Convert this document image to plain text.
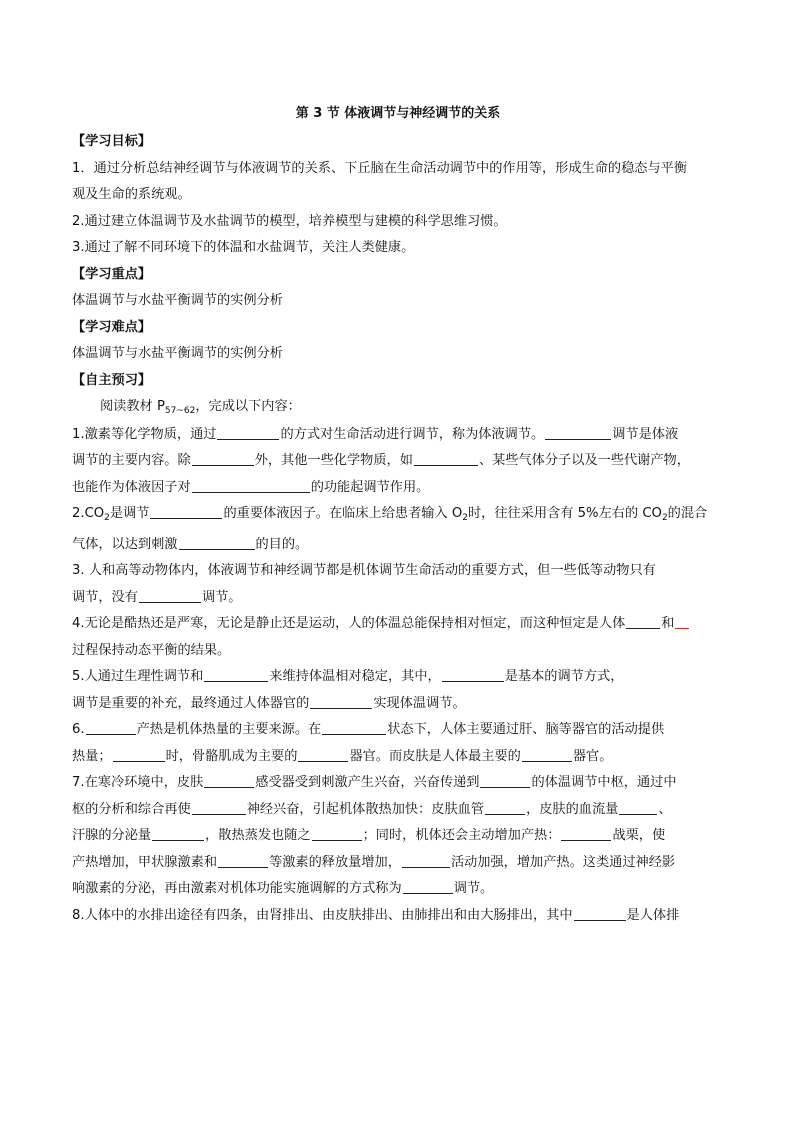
第 3 节 体液调节与神经调节的关系

【学习目标】

1．通过分析总结神经调节与体液调节的关系、下丘脑在生命活动调节中的作用等，形成生命的稳态与平衡

观及生命的系统观。

2.通过建立体温调节及水盐调节的模型，培养模型与建模的科学思维习惯。

3.通过了解不同环境下的体温和水盐调节，关注人类健康。

【学习重点】

体温调节与水盐平衡调节的实例分析

【学习难点】

体温调节与水盐平衡调节的实例分析

【自主预习】

阅读教材 $P_{57\sim 62}$，完成以下内容：

1.激素等化学物质，通过	的方式对生命活动进行调节，称为体液调节。	调节是体液

调节的主要内容。除	外，其他一些化学物质，如	、某些气体分子以及一些代谢产物，

也能作为体液因子对	的功能起调节作用。

$2.CO_2$是调节	的重要体液因子。在临床上给患者输入 $O_2$时，往往采用含有 5%左右的 $CO_2$的混合

气体，以达到刺激	的目的。

3. 人和高等动物体内，体液调节和神经调节都是机体调节生命活动的重要方式，但一些低等动物只有

调节，没有	调节。

4.无论是酷热还是严寒，无论是静止还是运动，人的体温总能保持相对恒定，而这种恒定是人体	和

过程保持动态平衡的结果。

5.人通过生理性调节和	来维持体温相对稳定，其中，	是基本的调节方式，

调节是重要的补充，最终通过人体器官的	实现体温调节。

6.	产热是机体热量的主要来源。在	状态下，人体主要通过肝、脑等器官的活动提供

热量；	时，骨骼肌成为主要的	器官。而皮肤是人体最主要的	器官。

7.在寒冷环境中，皮肤	感受器受到刺激产生兴奋，兴奋传递到	的体温调节中枢，通过中

枢的分析和综合再使	神经兴奋，引起机体散热加快：皮肤血管	，皮肤的血流量	、

汗腺的分泌量	，散热蒸发也随之	；同时，机体还会主动增加产热：	战栗，使

产热增加，甲状腺激素和	等激素的释放量增加，	活动加强，增加产热。这类通过神经影

响激素的分泌，再由激素对机体功能实施调解的方式称为	调节。

8.人体中的水排出途径有四条，由肾排出、由皮肤排出、由肺排出和由大肠排出，其中	是人体排
